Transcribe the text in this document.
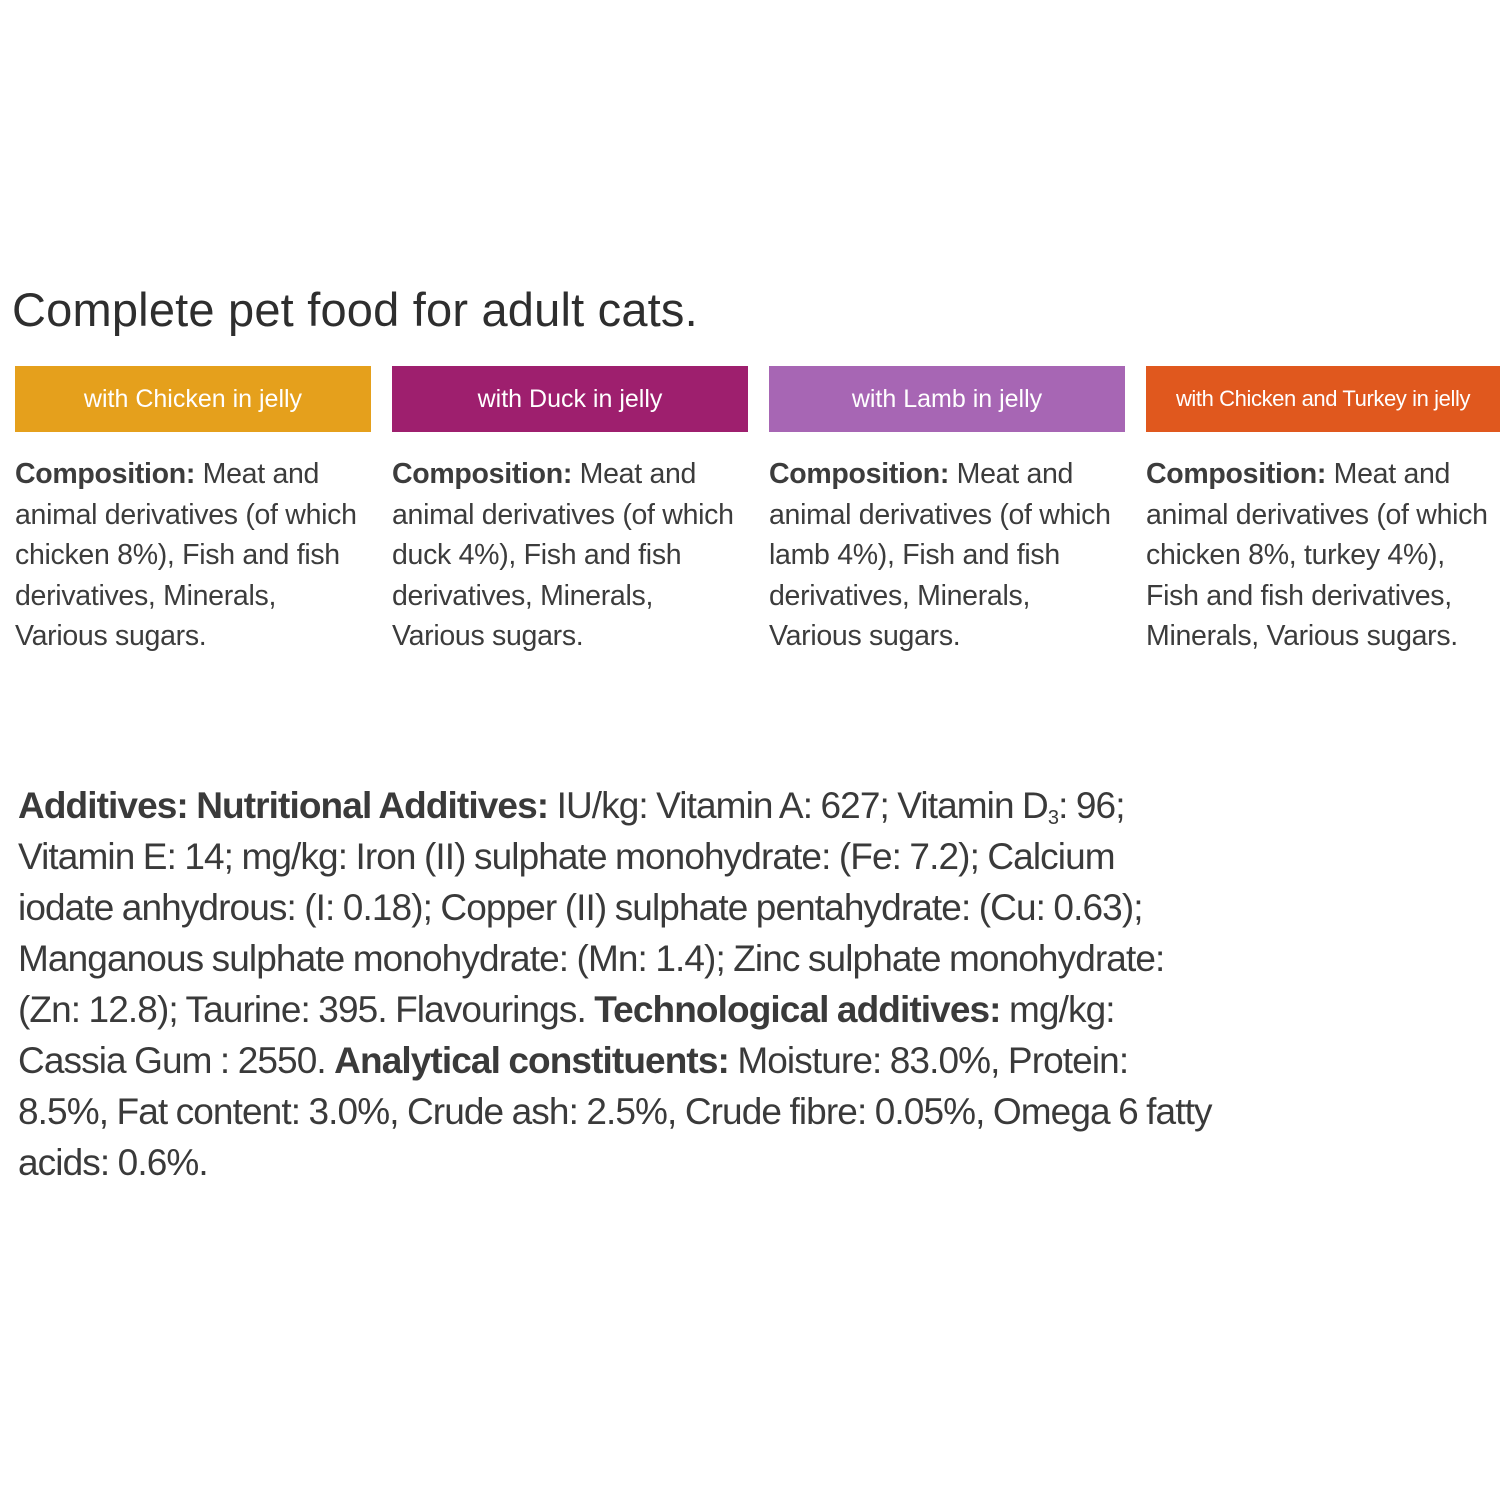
Complete pet food for adult cats.
with Chicken in jelly
Composition: Meat and animal derivatives (of which chicken 8%), Fish and fish derivatives, Minerals, Various sugars.
with Duck in jelly
Composition: Meat and animal derivatives (of which duck 4%), Fish and fish derivatives, Minerals, Various sugars.
with Lamb in jelly
Composition: Meat and animal derivatives (of which lamb 4%), Fish and fish derivatives, Minerals, Various sugars.
with Chicken and Turkey in jelly
Composition: Meat and animal derivatives (of which chicken 8%, turkey 4%), Fish and fish derivatives, Minerals, Various sugars.
Additives: Nutritional Additives: IU/kg: Vitamin A: 627; Vitamin $D_3$: 96; Vitamin E: 14; mg/kg: Iron (II) sulphate monohydrate: (Fe: 7.2); Calcium iodate anhydrous: (I: 0.18); Copper (II) sulphate pentahydrate: (Cu: 0.63); Manganous sulphate monohydrate: (Mn: 1.4); Zinc sulphate monohydrate: (Zn: 12.8); Taurine: 395. Flavourings. Technological additives: mg/kg: Cassia Gum : 2550. Analytical constituents: Moisture: 83.0%, Protein: 8.5%, Fat content: 3.0%, Crude ash: 2.5%, Crude fibre: 0.05%, Omega 6 fatty acids: 0.6%.
